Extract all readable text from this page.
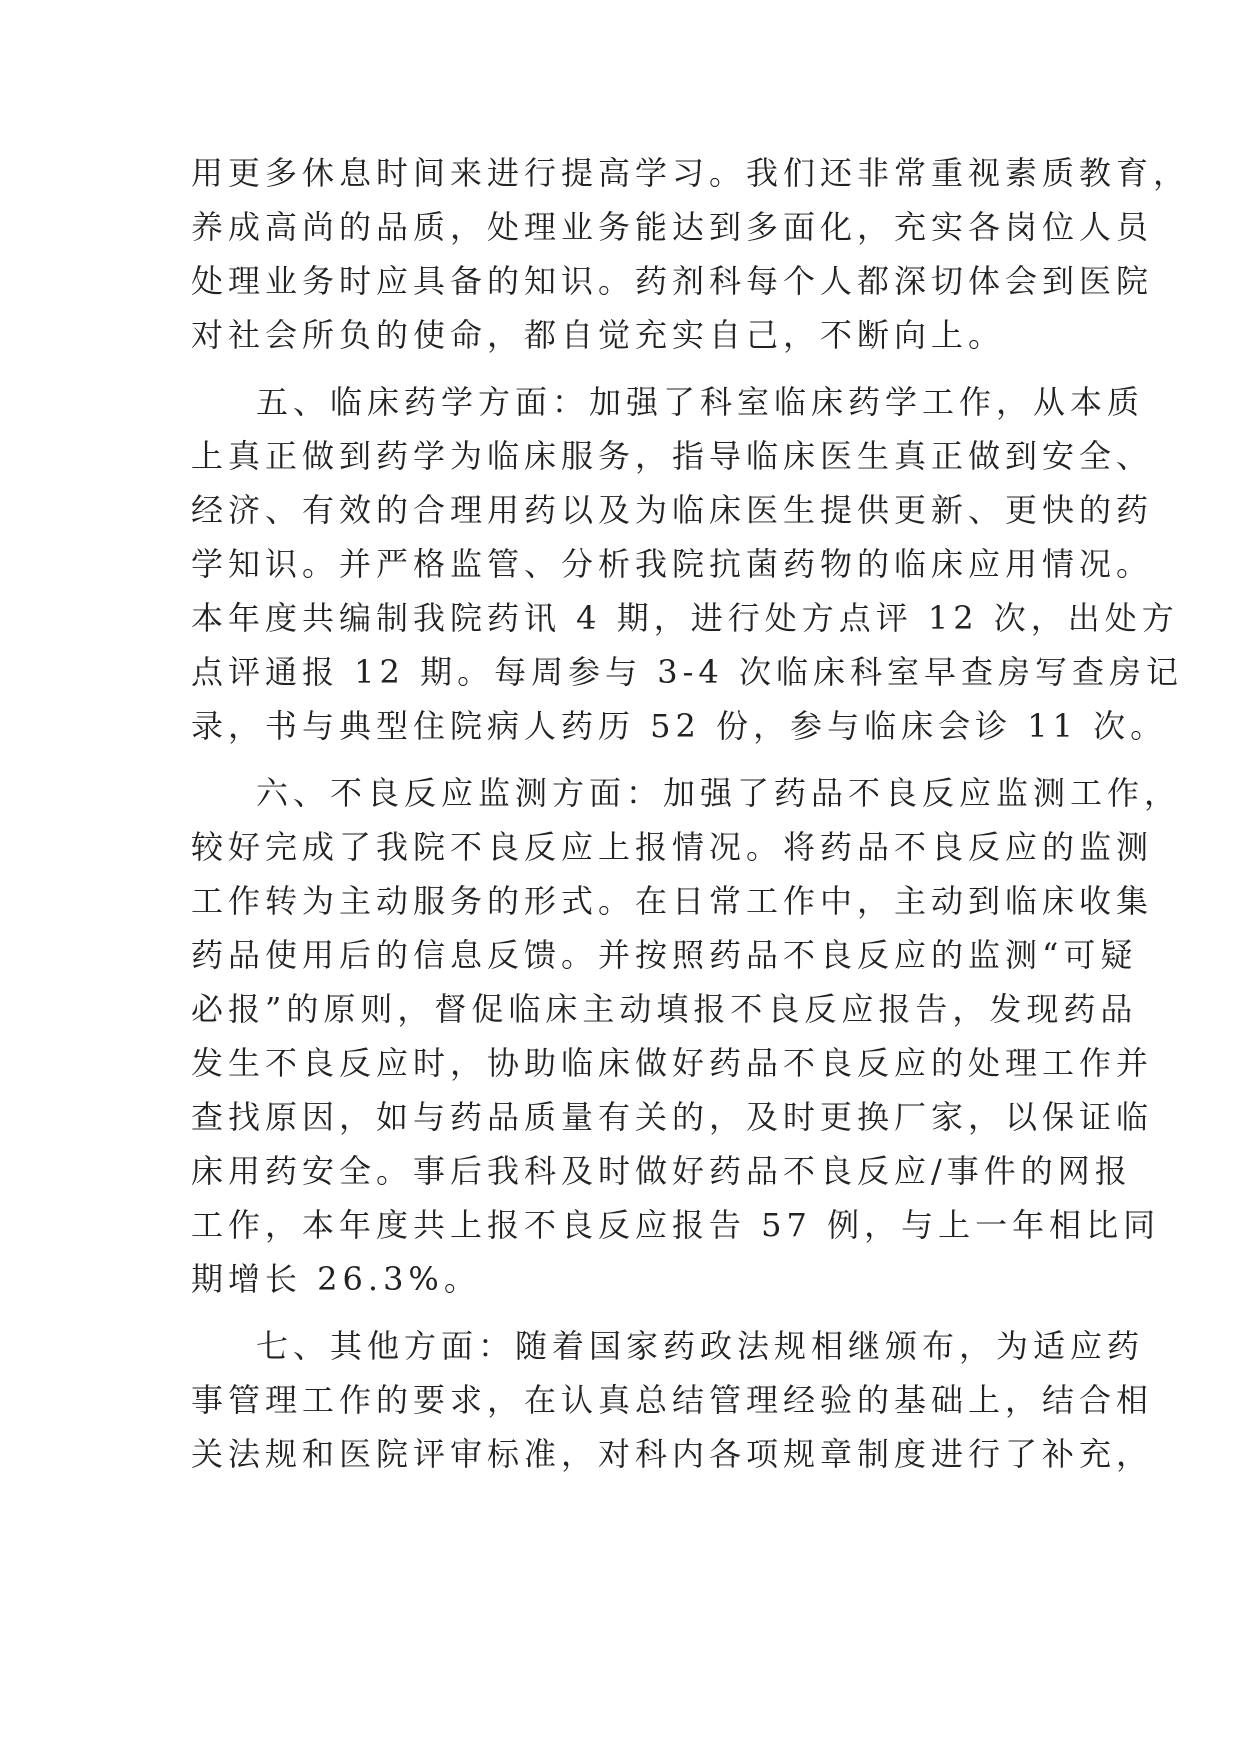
用更多休息时间来进行提高学习。我们还非常重视素质教育，
养成高尚的品质，处理业务能达到多面化，充实各岗位人员
处理业务时应具备的知识。药剂科每个人都深切体会到医院
对社会所负的使命，都自觉充实自己，不断向上。
五、临床药学方面：加强了科室临床药学工作，从本质
上真正做到药学为临床服务，指导临床医生真正做到安全、
经济、有效的合理用药以及为临床医生提供更新、更快的药
学知识。并严格监管、分析我院抗菌药物的临床应用情况。
本年度共编制我院药讯 4 期，进行处方点评 12 次，出处方
点评通报 12 期。每周参与 3-4 次临床科室早查房写查房记
录，书与典型住院病人药历 52 份，参与临床会诊 11 次。
六、不良反应监测方面：加强了药品不良反应监测工作，
较好完成了我院不良反应上报情况。将药品不良反应的监测
工作转为主动服务的形式。在日常工作中，主动到临床收集
药品使用后的信息反馈。并按照药品不良反应的监测“可疑
必报”的原则，督促临床主动填报不良反应报告，发现药品
发生不良反应时，协助临床做好药品不良反应的处理工作并
查找原因，如与药品质量有关的，及时更换厂家，以保证临
床用药安全。事后我科及时做好药品不良反应/事件的网报
工作，本年度共上报不良反应报告 57 例，与上一年相比同
期增长 26.3%。
七、其他方面：随着国家药政法规相继颁布，为适应药
事管理工作的要求，在认真总结管理经验的基础上，结合相
关法规和医院评审标准，对科内各项规章制度进行了补充，
